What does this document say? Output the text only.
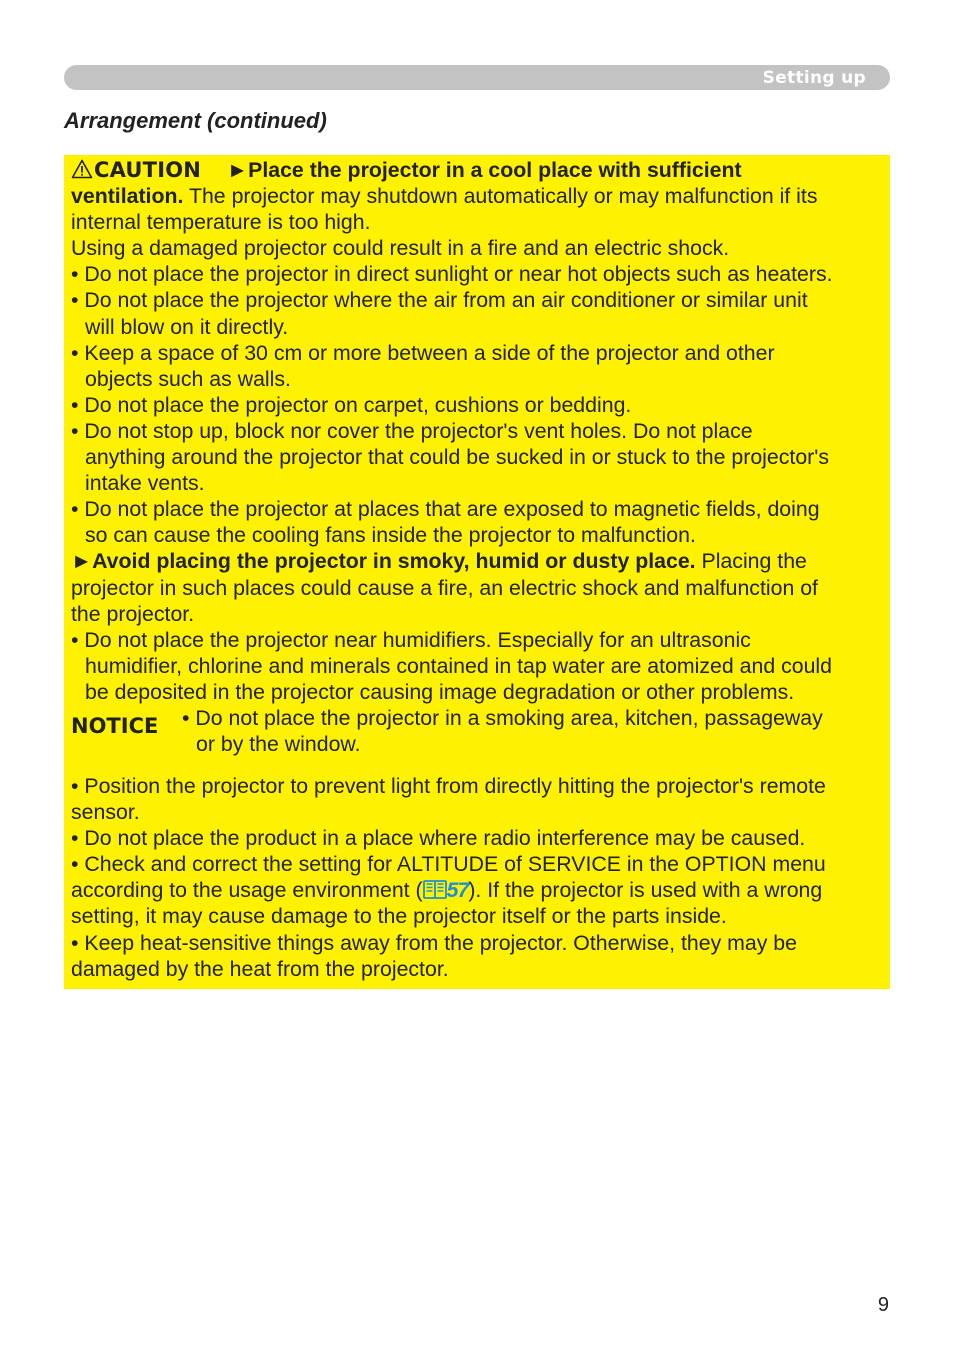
Setting up
Arrangement (continued)
CAUTION ►Place the projector in a cool place with sufficient
ventilation. The projector may shutdown automatically or may malfunction if its
internal temperature is too high.
Using a damaged projector could result in a fire and an electric shock.
• Do not place the projector in direct sunlight or near hot objects such as heaters.
• Do not place the projector where the air from an air conditioner or similar unit
will blow on it directly.
• Keep a space of 30 cm or more between a side of the projector and other
objects such as walls.
• Do not place the projector on carpet, cushions or bedding.
• Do not stop up, block nor cover the projector's vent holes. Do not place
anything around the projector that could be sucked in or stuck to the projector's
intake vents.
• Do not place the projector at places that are exposed to magnetic fields, doing
so can cause the cooling fans inside the projector to malfunction.
►Avoid placing the projector in smoky, humid or dusty place. Placing the
projector in such places could cause a fire, an electric shock and malfunction of
the projector.
• Do not place the projector near humidifiers. Especially for an ultrasonic
humidifier, chlorine and minerals contained in tap water are atomized and could
be deposited in the projector causing image degradation or other problems.
NOTICE • Do not place the projector in a smoking area, kitchen, passageway
or by the window.
• Position the projector to prevent light from directly hitting the projector's remote
sensor.
• Do not place the product in a place where radio interference may be caused.
• Check and correct the setting for ALTITUDE of SERVICE in the OPTION menu
according to the usage environment ( 57). If the projector is used with a wrong
setting, it may cause damage to the projector itself or the parts inside.
• Keep heat-sensitive things away from the projector. Otherwise, they may be
damaged by the heat from the projector.
9
